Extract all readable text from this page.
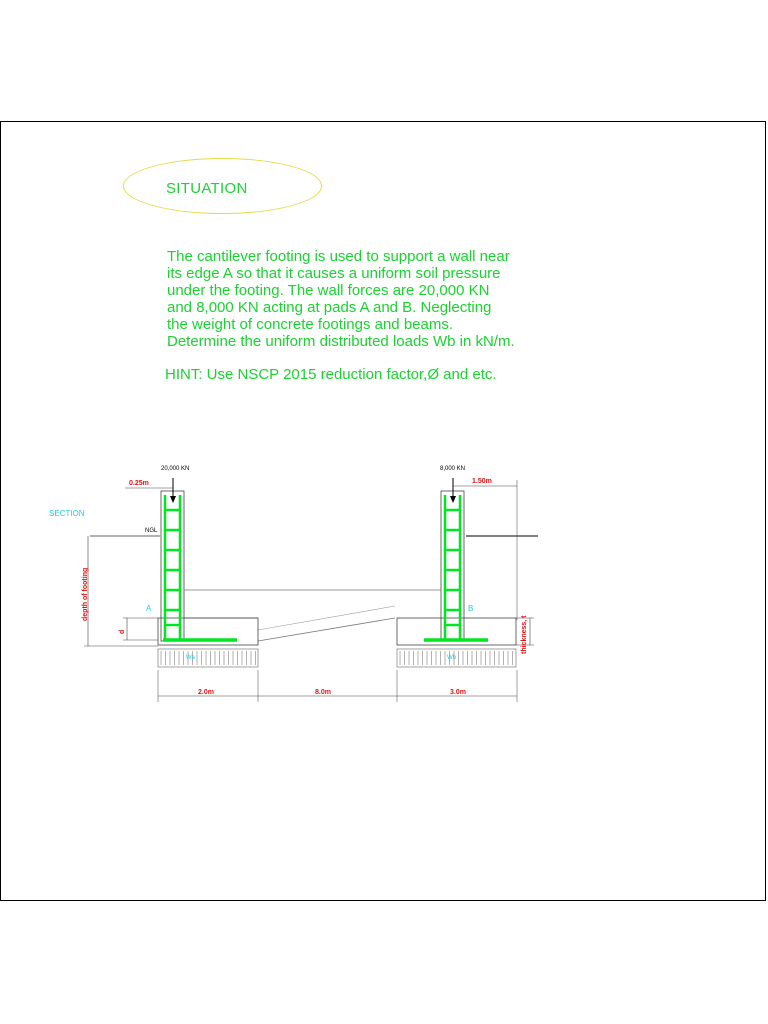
SITUATION
The cantilever footing is used to support a wall near
its edge A so that it causes a uniform soil pressure
under the footing. The wall forces are 20,000 KN
and 8,000 KN acting at pads A and B. Neglecting
the weight of concrete footings and beams.
Determine the uniform distributed loads Wb in kN/m.
HINT: Use NSCP 2015 reduction factor,Ø and etc.
SECTION
NGL
20,000 KN	8,000 KN
0.25m	1.50m
A	B
Wa	Wb
depth of footing
d	thickness, t
2.0m	8.0m	3.0m
